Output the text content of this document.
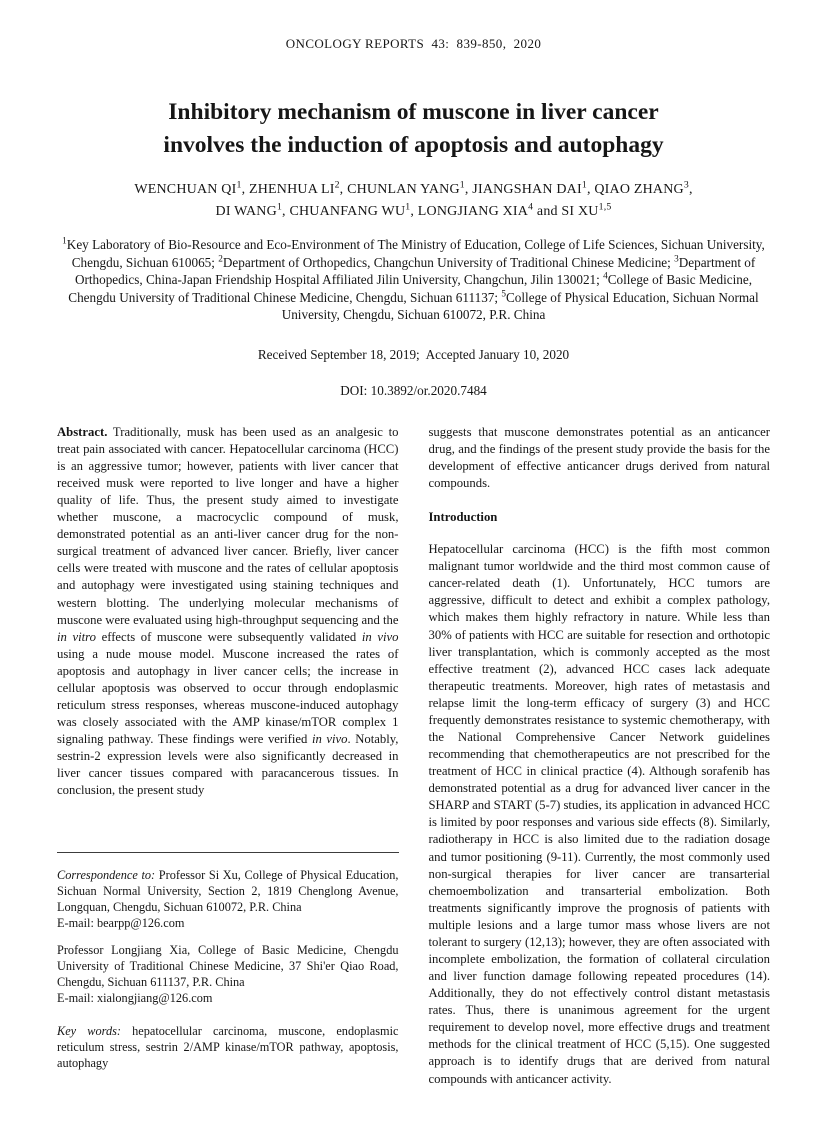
ONCOLOGY REPORTS  43:  839-850,  2020
Inhibitory mechanism of muscone in liver cancer
involves the induction of apoptosis and autophagy
WENCHUAN $QI^1$, ZHENHUA $LI^2$, CHUNLAN YANG$^1$, JIANGSHAN DAI$^1$, QIAO ZHANG$^3$,
DI WANG$^1$, CHUANFANG $WU^1$, LONGJIANG XIA$^4$ and SI XU$^{1,5}$
$^1$Key Laboratory of Bio-Resource and Eco-Environment of The Ministry of Education, College of Life Sciences, Sichuan University, Chengdu, Sichuan 610065; $^2$Department of Orthopedics, Changchun University of Traditional Chinese Medicine; $^3$Department of Orthopedics, China-Japan Friendship Hospital Affiliated Jilin University, Changchun, Jilin 130021; $^4$College of Basic Medicine, Chengdu University of Traditional Chinese Medicine, Chengdu, Sichuan 611137; $^5$College of Physical Education, Sichuan Normal University, Chengdu, Sichuan 610072, P.R. China
Received September 18, 2019;  Accepted January 10, 2020
DOI: 10.3892/or.2020.7484

Abstract. Traditionally, musk has been used as an analgesic to treat pain associated with cancer. Hepatocellular carcinoma (HCC) is an aggressive tumor; however, patients with liver cancer that received musk were reported to live longer and have a higher quality of life. Thus, the present study aimed to investigate whether muscone, a macrocyclic compound of musk, demonstrated potential as an anti-liver cancer drug for the non-surgical treatment of advanced liver cancer. Briefly, liver cancer cells were treated with muscone and the rates of cellular apoptosis and autophagy were investigated using staining techniques and western blotting. The underlying molecular mechanisms of muscone were evaluated using high-throughput sequencing and the in vitro effects of muscone were subsequently validated in vivo using a nude mouse model. Muscone increased the rates of apoptosis and autophagy in liver cancer cells; the increase in cellular apoptosis was observed to occur through endoplasmic reticulum stress responses, whereas muscone-induced autophagy was closely associated with the AMP kinase/mTOR complex 1 signaling pathway. These findings were verified in vivo. Notably, sestrin-2 expression levels were also significantly decreased in liver cancer tissues compared with paracancerous tissues. In conclusion, the present study

Correspondence to: Professor Si Xu, College of Physical Education, Sichuan Normal University, Section 2, 1819 Chenglong Avenue, Longquan, Chengdu, Sichuan 610072, P.R. China

E-mail: bearpp@126.com

Professor Longjiang Xia, College of Basic Medicine, Chengdu University of Traditional Chinese Medicine, 37 Shi'er Qiao Road, Chengdu, Sichuan 611137, P.R. China

E-mail: xialongjiang@126.com

Key words: hepatocellular carcinoma, muscone, endoplasmic reticulum stress, sestrin 2/AMP kinase/mTOR pathway, apoptosis, autophagy

suggests that muscone demonstrates potential as an anticancer drug, and the findings of the present study provide the basis for the development of effective anticancer drugs derived from natural compounds.

Introduction

Hepatocellular carcinoma (HCC) is the fifth most common malignant tumor worldwide and the third most common cause of cancer-related death (1). Unfortunately, HCC tumors are aggressive, difficult to detect and exhibit a complex pathology, which makes them highly refractory in nature. While less than 30% of patients with HCC are suitable for resection and orthotopic liver transplantation, which is commonly accepted as the most effective treatment (2), advanced HCC cases lack adequate therapeutic treatments. Moreover, high rates of metastasis and relapse limit the long-term efficacy of surgery (3) and HCC frequently demonstrates resistance to systemic chemotherapy, with the National Comprehensive Cancer Network guidelines recommending that chemotherapeutics are not prescribed for the treatment of HCC in clinical practice (4). Although sorafenib has demonstrated potential as a drug for advanced liver cancer in the SHARP and START (5-7) studies, its application in advanced HCC is limited by poor responses and various side effects (8). Similarly, radiotherapy in HCC is also limited due to the radiation dosage and tumor positioning (9-11). Currently, the most commonly used non-surgical therapies for liver cancer are transarterial chemoembolization and transarterial embolization. Both treatments significantly improve the prognosis of patients with multiple lesions and a large tumor mass whose livers are not tolerant to surgery (12,13); however, they are often associated with incomplete embolization, the formation of collateral circulation and liver function damage following repeated procedures (14). Additionally, they do not effectively control distant metastasis rates. Thus, there is unanimous agreement for the urgent requirement to develop novel, more effective drugs and treatment methods for the clinical treatment of HCC (5,15). One suggested approach is to identify drugs that are derived from natural compounds with anticancer activity.
